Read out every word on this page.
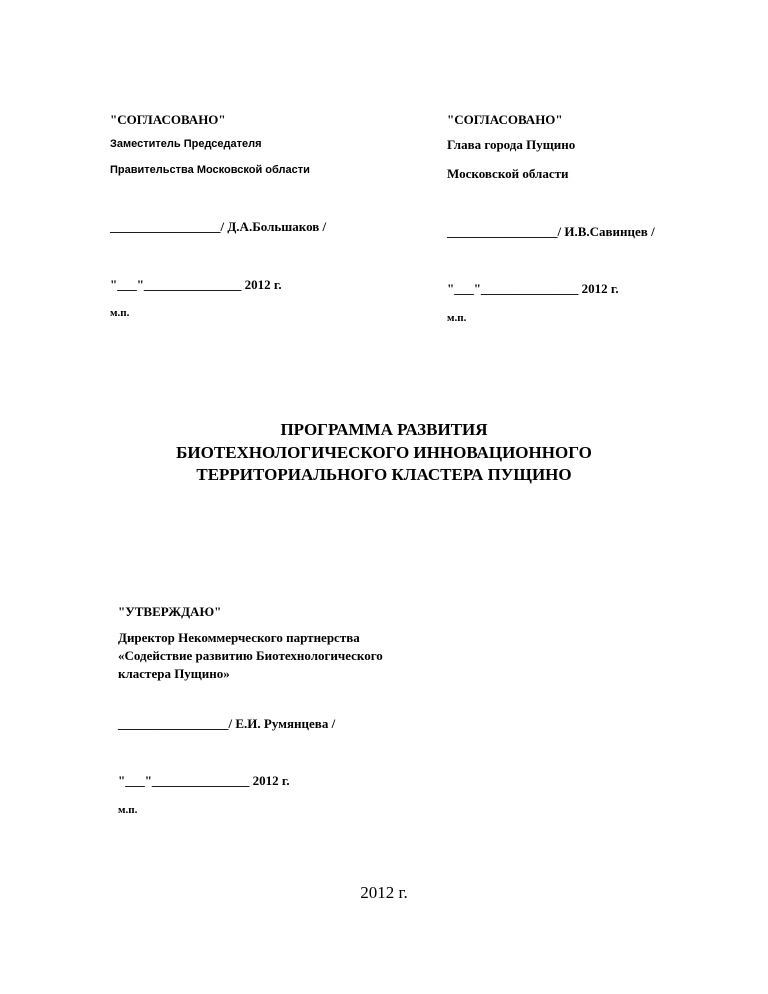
"СОГЛАСОВАНО"
Заместитель Председателя
Правительства Московской области
_________________/ Д.А.Большаков /
"___"_______________ 2012 г.
м.п.
"СОГЛАСОВАНО"
Глава города Пущино
Московской области
_________________/ И.В.Савинцев /
"___"_______________ 2012 г.
м.п.
ПРОГРАММА РАЗВИТИЯ
БИОТЕХНОЛОГИЧЕСКОГО ИННОВАЦИОННОГО
ТЕРРИТОРИАЛЬНОГО КЛАСТЕРА ПУЩИНО
"УТВЕРЖДАЮ"
Директор Некоммерческого партнерства
«Содействие развитию Биотехнологического
кластера Пущино»
_________________/ Е.И. Румянцева /
"___"_______________ 2012 г.
м.п.
2012 г.
